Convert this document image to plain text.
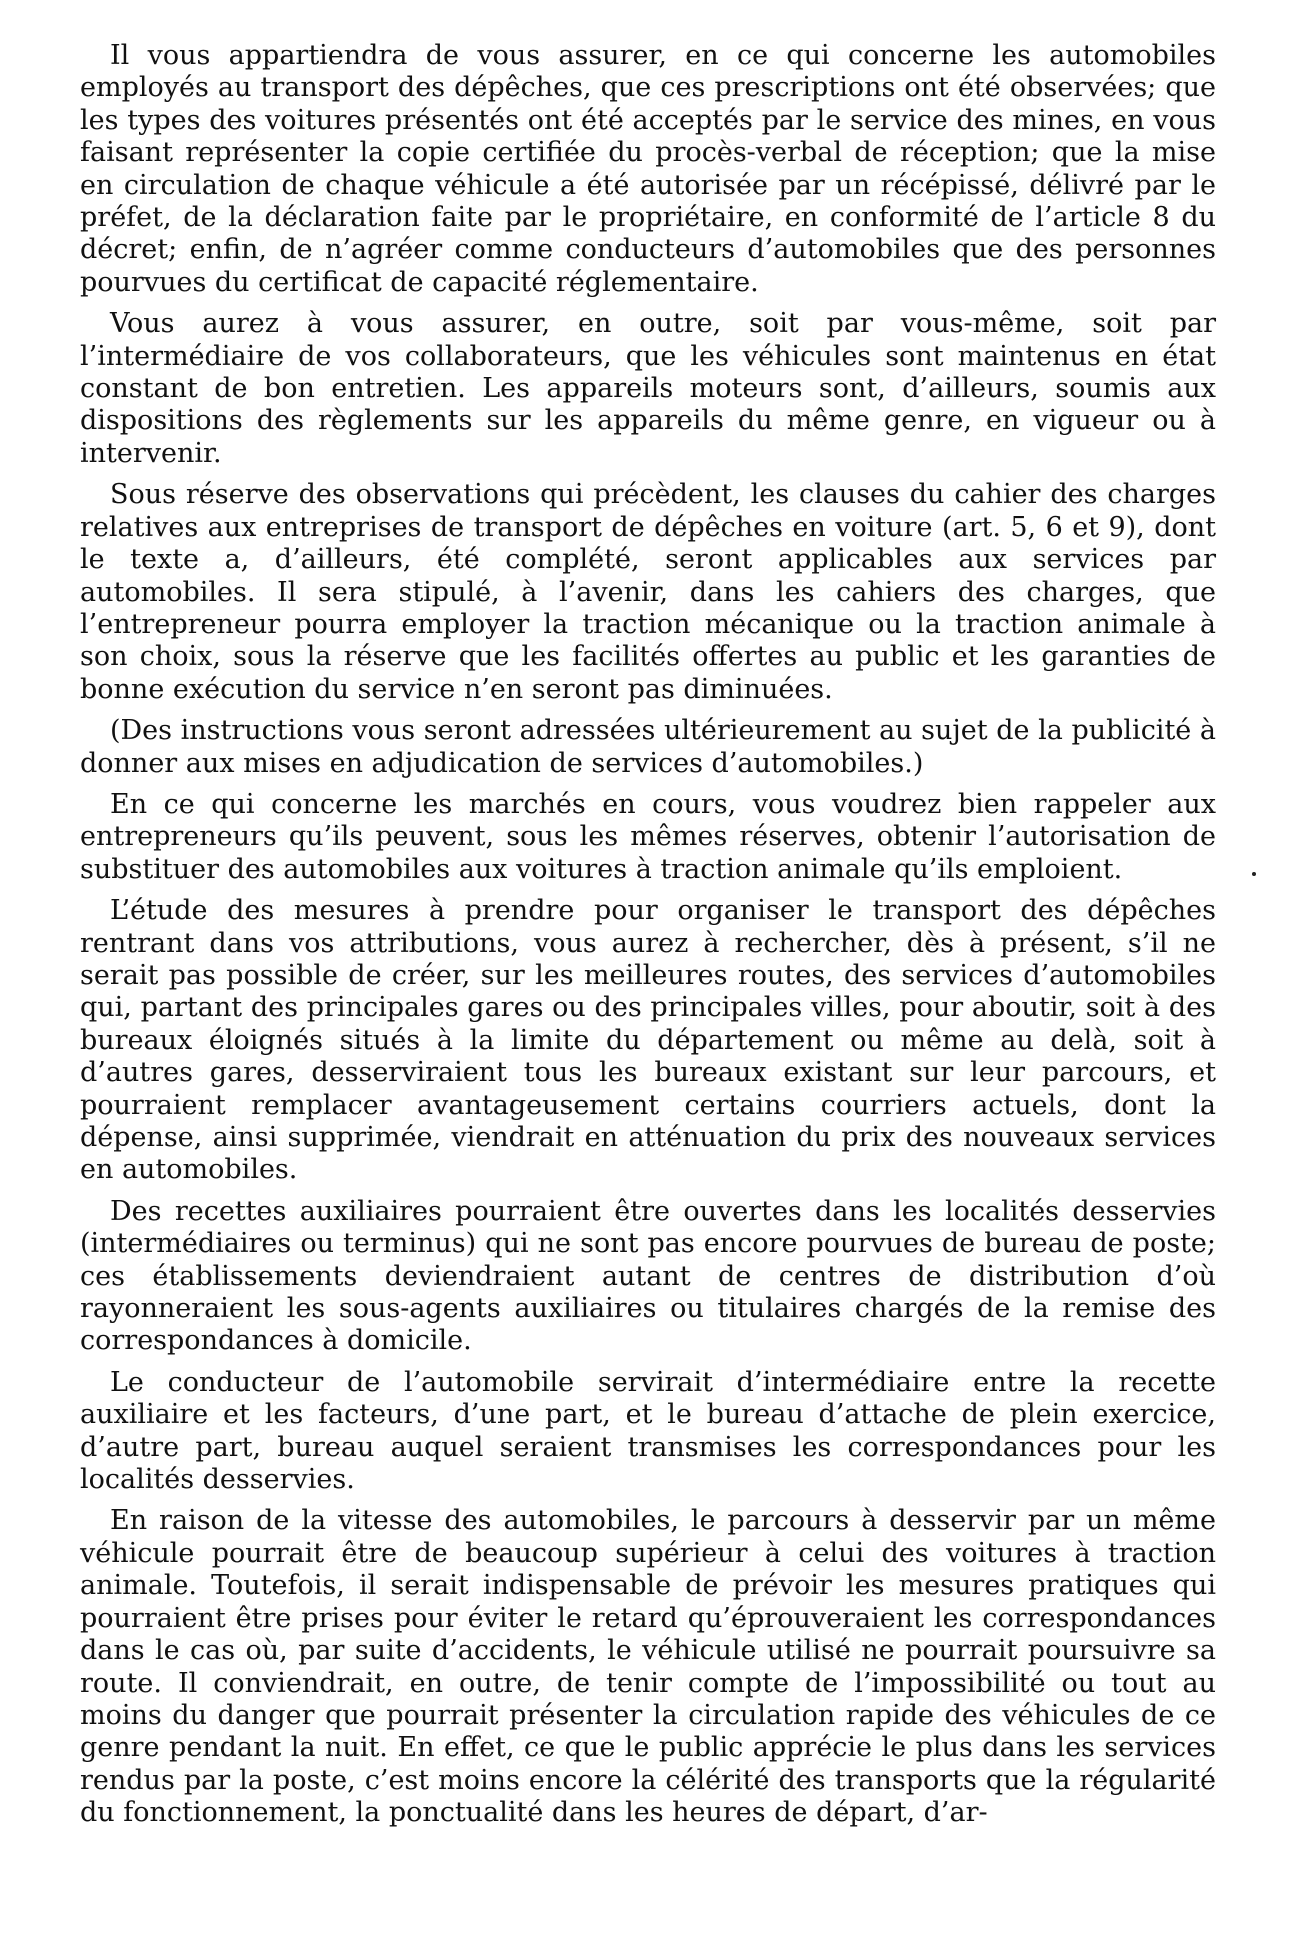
Il vous appartiendra de vous assurer, en ce qui concerne les automobiles employés au transport des dépêches, que ces prescriptions ont été observées; que les types des voitures présentés ont été acceptés par le service des mines, en vous faisant représenter la copie certifiée du procès-verbal de réception; que la mise en circulation de chaque véhicule a été autorisée par un récépissé, délivré par le préfet, de la déclaration faite par le propriétaire, en conformité de l’article 8 du décret; enfin, de n’agréer comme conducteurs d’automobiles que des personnes pourvues du certificat de capacité réglementaire.

Vous aurez à vous assurer, en outre, soit par vous-même, soit par l’intermédiaire de vos collaborateurs, que les véhicules sont maintenus en état constant de bon entretien. Les appareils moteurs sont, d’ailleurs, soumis aux dispositions des règlements sur les appareils du même genre, en vigueur ou à intervenir.

Sous réserve des observations qui précèdent, les clauses du cahier des charges relatives aux entreprises de transport de dépêches en voiture (art. 5, 6 et 9), dont le texte a, d’ailleurs, été complété, seront applicables aux services par automobiles. Il sera stipulé, à l’avenir, dans les cahiers des charges, que l’entrepreneur pourra employer la traction mécanique ou la traction animale à son choix, sous la réserve que les facilités offertes au public et les garanties de bonne exécution du service n’en seront pas diminuées.

(Des instructions vous seront adressées ultérieurement au sujet de la publicité à donner aux mises en adjudication de services d’automobiles.)

En ce qui concerne les marchés en cours, vous voudrez bien rappeler aux entrepreneurs qu’ils peuvent, sous les mêmes réserves, obtenir l’autorisation de substituer des automobiles aux voitures à traction animale qu’ils emploient.

L’étude des mesures à prendre pour organiser le transport des dépêches rentrant dans vos attributions, vous aurez à rechercher, dès à présent, s’il ne serait pas possible de créer, sur les meilleures routes, des services d’automobiles qui, partant des principales gares ou des principales villes, pour aboutir, soit à des bureaux éloignés situés à la limite du département ou même au delà, soit à d’autres gares, desserviraient tous les bureaux existant sur leur parcours, et pourraient remplacer avantageusement certains courriers actuels, dont la dépense, ainsi supprimée, viendrait en atténuation du prix des nouveaux services en automobiles.

Des recettes auxiliaires pourraient être ouvertes dans les localités desservies (intermédiaires ou terminus) qui ne sont pas encore pourvues de bureau de poste; ces établissements deviendraient autant de centres de distribution d’où rayonneraient les sous-agents auxiliaires ou titulaires chargés de la remise des correspondances à domicile.

Le conducteur de l’automobile servirait d’intermédiaire entre la recette auxiliaire et les facteurs, d’une part, et le bureau d’attache de plein exercice, d’autre part, bureau auquel seraient transmises les correspondances pour les localités desservies.

En raison de la vitesse des automobiles, le parcours à desservir par un même véhicule pourrait être de beaucoup supérieur à celui des voitures à traction animale. Toutefois, il serait indispensable de prévoir les mesures pratiques qui pourraient être prises pour éviter le retard qu’éprouveraient les correspondances dans le cas où, par suite d’accidents, le véhicule utilisé ne pourrait poursuivre sa route. Il conviendrait, en outre, de tenir compte de l’impossibilité ou tout au moins du danger que pourrait présenter la circulation rapide des véhicules de ce genre pendant la nuit. En effet, ce que le public apprécie le plus dans les services rendus par la poste, c’est moins encore la célérité des transports que la régularité du fonctionnement, la ponctualité dans les heures de départ, d’ar-
